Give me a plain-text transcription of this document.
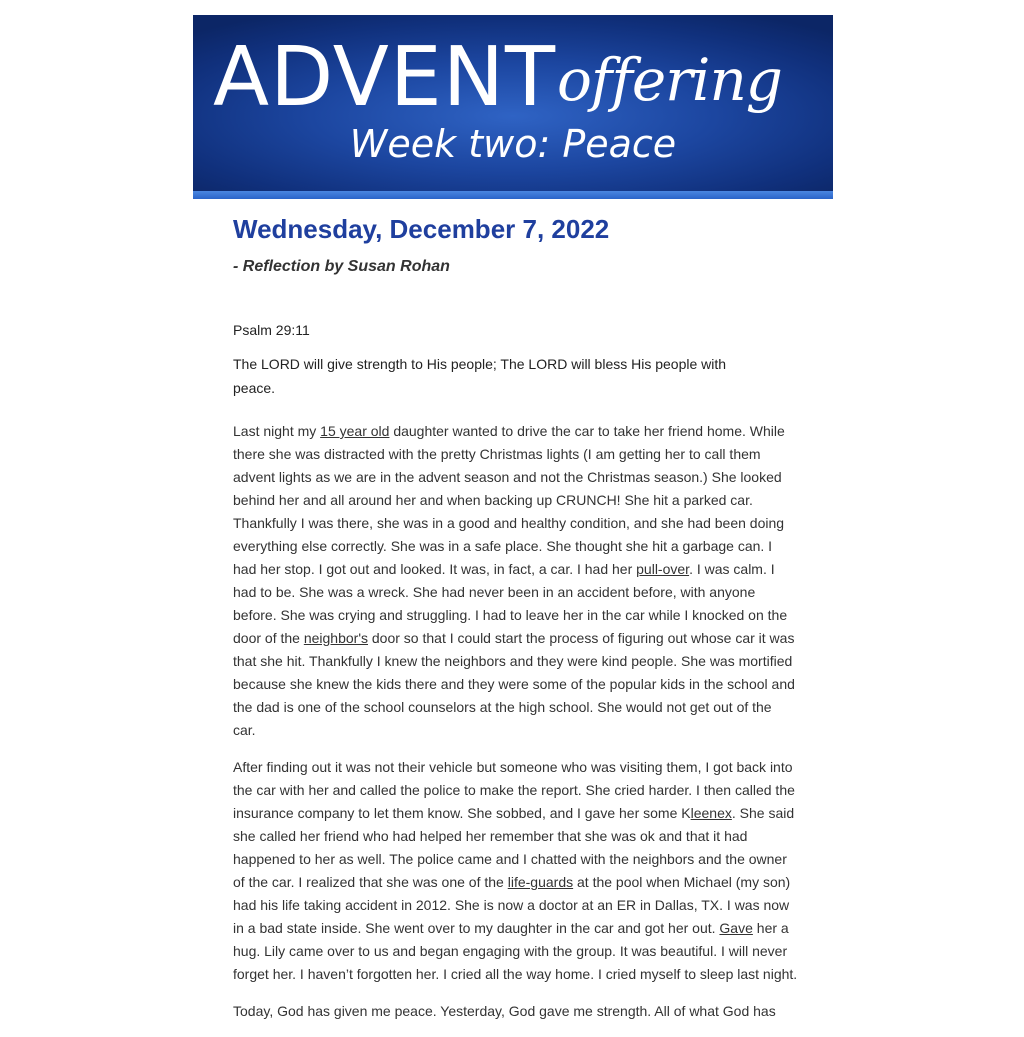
ADVENT offering
Week two: Peace
Wednesday, December 7, 2022
- Reflection by Susan Rohan
Psalm 29:11
The LORD will give strength to His people; The LORD will bless His people with peace.

Last night my 15 year old daughter wanted to drive the car to take her friend home. While there she was distracted with the pretty Christmas lights (I am getting her to call them advent lights as we are in the advent season and not the Christmas season.) She looked behind her and all around her and when backing up CRUNCH! She hit a parked car. Thankfully I was there, she was in a good and healthy condition, and she had been doing everything else correctly. She was in a safe place. She thought she hit a garbage can. I had her stop. I got out and looked. It was, in fact, a car. I had her pull-over. I was calm. I had to be. She was a wreck. She had never been in an accident before, with anyone before. She was crying and struggling. I had to leave her in the car while I knocked on the door of the neighbor's door so that I could start the process of figuring out whose car it was that she hit. Thankfully I knew the neighbors and they were kind people. She was mortified because she knew the kids there and they were some of the popular kids in the school and the dad is one of the school counselors at the high school. She would not get out of the car.

After finding out it was not their vehicle but someone who was visiting them, I got back into the car with her and called the police to make the report. She cried harder. I then called the insurance company to let them know. She sobbed, and I gave her some Kleenex. She said she called her friend who had helped her remember that she was ok and that it had happened to her as well. The police came and I chatted with the neighbors and the owner of the car. I realized that she was one of the life-guards at the pool when Michael (my son) had his life taking accident in 2012. She is now a doctor at an ER in Dallas, TX. I was now in a bad state inside. She went over to my daughter in the car and got her out. Gave her a hug. Lily came over to us and began engaging with the group. It was beautiful. I will never forget her. I haven’t forgotten her. I cried all the way home. I cried myself to sleep last night.

Today, God has given me peace. Yesterday, God gave me strength. All of what God has
